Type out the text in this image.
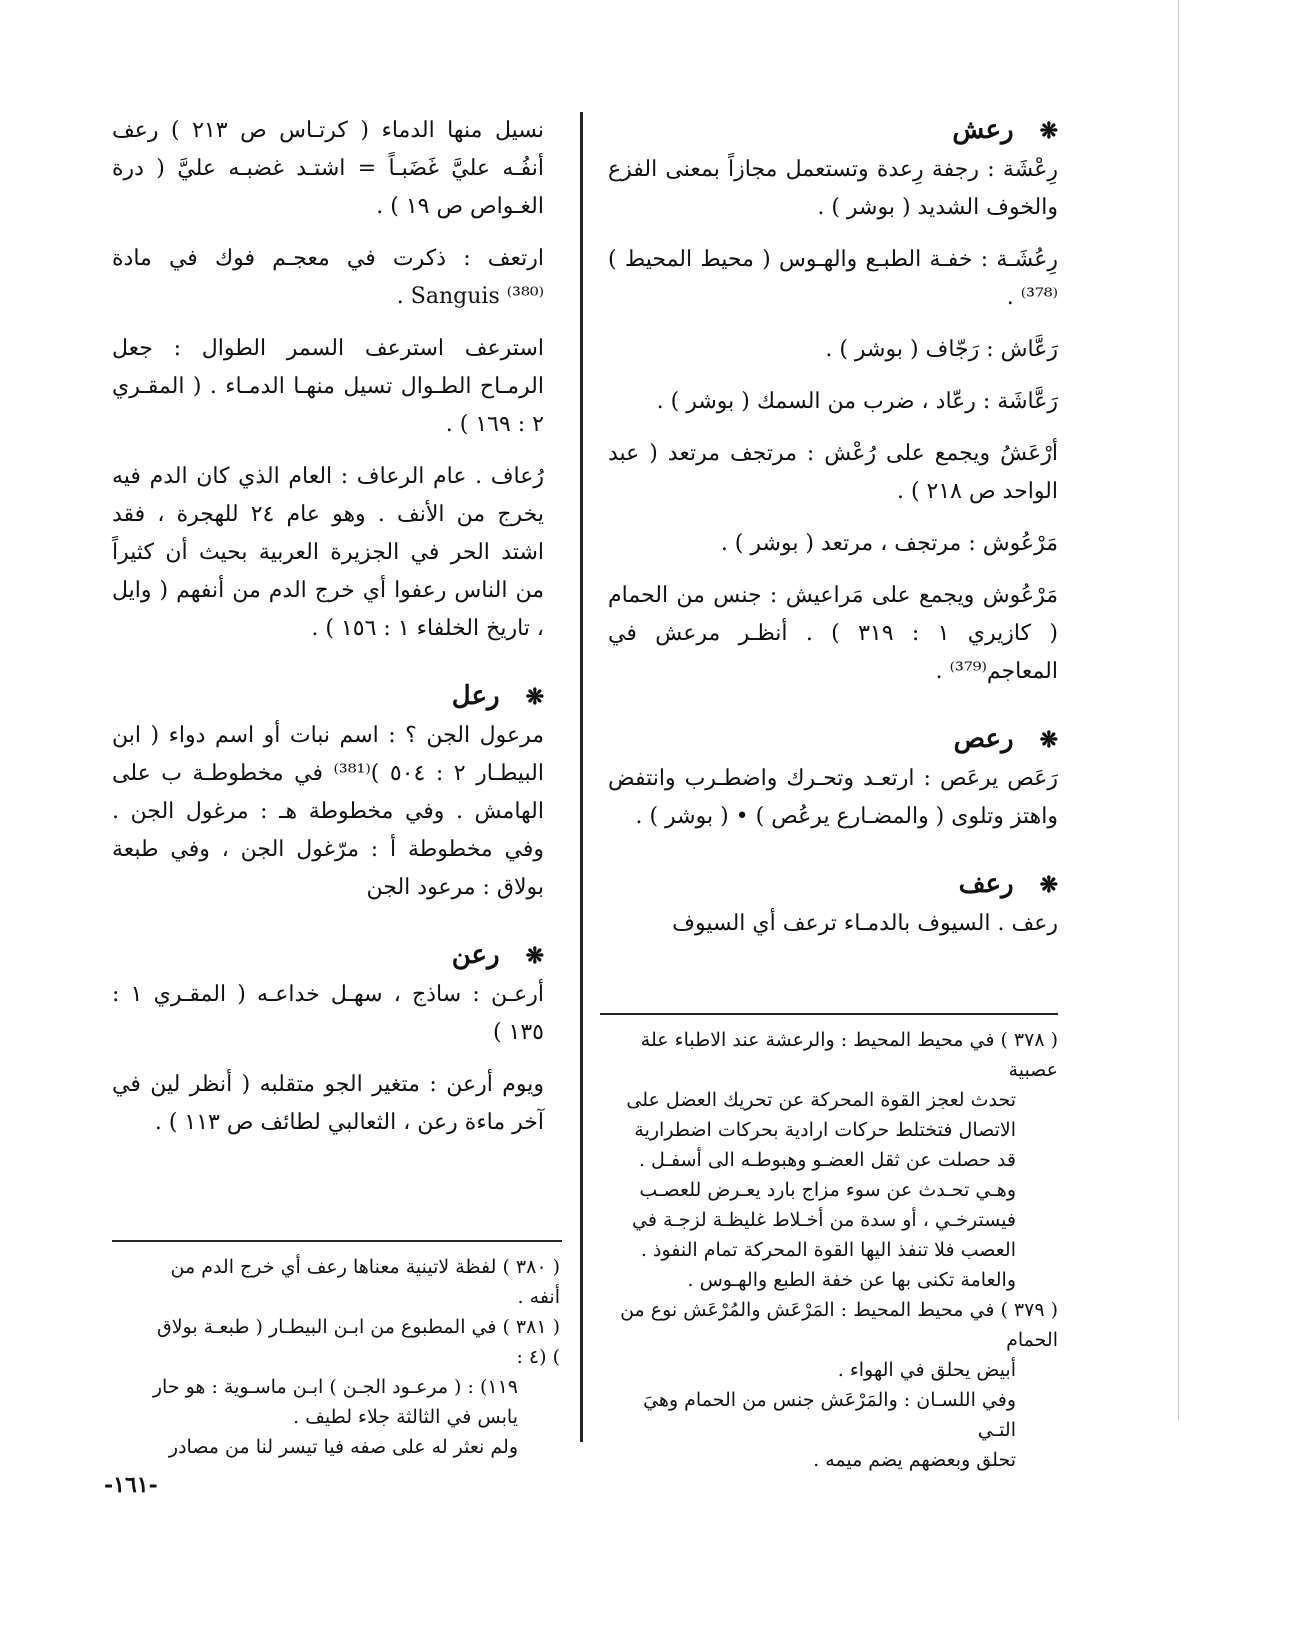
❋رعش

رِعْشَة : رجفة رِعدة وتستعمل مجازاً بمعنى الفزع والخوف الشديد ( بوشر ) .

رِعُشَـة : خفـة الطبـع والهـوس ( محيط المحيط )⁽³⁷⁸⁾ .

رَعَّاش : رَجّاف ( بوشر ) .

رَعَّاشَة : رعّاد ، ضرب من السمك ( بوشر ) .

أرْعَشُ ويجمع على رُعْش : مرتجف مرتعد ( عبد الواحد ص ٢١٨ ) .

مَرْعُوش : مرتجف ، مرتعد ( بوشر ) .

مَرْعُوش ويجمع على مَراعيش : جنس من الحمام ( كازيري ١ : ٣١٩ ) . أنظـر مرعش في المعاجم⁽³⁷⁹⁾ .

❋رعص

رَعَص يرعَص : ارتعـد وتحـرك واضطـرب وانتفض واهتز وتلوى ( والمضـارع يرعُص ) • ( بوشر ) .

❋رعف

رعف . السيوف بالدمـاء ترعف أي السيوف

( ٣٧٨ ) في محيط المحيط : والرعشة عند الاطباء علة عصبية

تحدث لعجز القوة المحركة عن تحريك العضل على

الاتصال فتختلط حركات ارادية بحركات اضطرارية

قد حصلت عن ثقل العضـو وهبوطـه الى أسفـل .

وهـي تحـدث عن سوء مزاج بارد يعـرض للعصـب

فيسترخـي ، أو سدة من أخـلاط غليظـة لزجـة في

العصب فلا تنفذ اليها القوة المحركة تمام النفوذ .

والعامة تكنى بها عن خفة الطبع والهـوس .

( ٣٧٩ ) في محيط المحيط : المَرْعَش والمُرْعَش نوع من الحمام

أبيض يحلق في الهواء .

وفي اللسـان : والمَرْعَش جنس من الحمام وهيَ التـي

تحلق وبعضهم يضم ميمه .

نسيل منها الدماء ( كرتـاس ص ٢١٣ ) رعف أنفُـه عليَّ غَضَبـاً = اشتـد غضبـه عليَّ ( درة الغـواص ص ١٩ ) .

ارتعف : ذكرت في معجـم فوك في مادة Sanguis ⁽³⁸⁰⁾ .

استرعف استرعف السمر الطوال : جعل الرمـاح الطـوال تسيل منهـا الدمـاء . ( المقـري ٢ : ١٦٩ ) .

رُعاف . عام الرعاف : العام الذي كان الدم فيه يخرج من الأنف . وهو عام ٢٤ للهجرة ، فقد اشتد الحر في الجزيرة العربية بحيث أن كثيراً من الناس رعفوا أي خرج الدم من أنفهم ( وايل ، تاريخ الخلفاء ١ : ١٥٦ ) .

❋رعل

مرعول الجن ؟ : اسم نبات أو اسم دواء ( ابن البيطـار ٢ : ٥٠٤ )⁽³⁸¹⁾ في مخطوطـة ب على الهامش . وفي مخطوطة هـ : مرغول الجن . وفي مخطوطة أ : مرّغول الجن ، وفي طبعة بولاق : مرعود الجن

❋رعن

أرعـن : ساذج ، سهـل خداعـه ( المقـري ١ : ١٣٥ )

ويوم أرعن : متغير الجو متقلبه ( أنظر لين في آخر ماءة رعن ، الثعالبي لطائف ص ١١٣ ) .

( ٣٨٠ ) لفظة لاتينية معناها رعف أي خرج الدم من أنفه .

( ٣٨١ ) في المطبوع من ابـن البيطـار ( طبعـة بولاق ) (٤ :

١١٩) : ( مرعـود الجـن ) ابـن ماسـوية : هو حار

يابس في الثالثة جلاء لطيف .

ولم نعثر له على صفه فيا تيسر لنا من مصادر

-١٦١-
